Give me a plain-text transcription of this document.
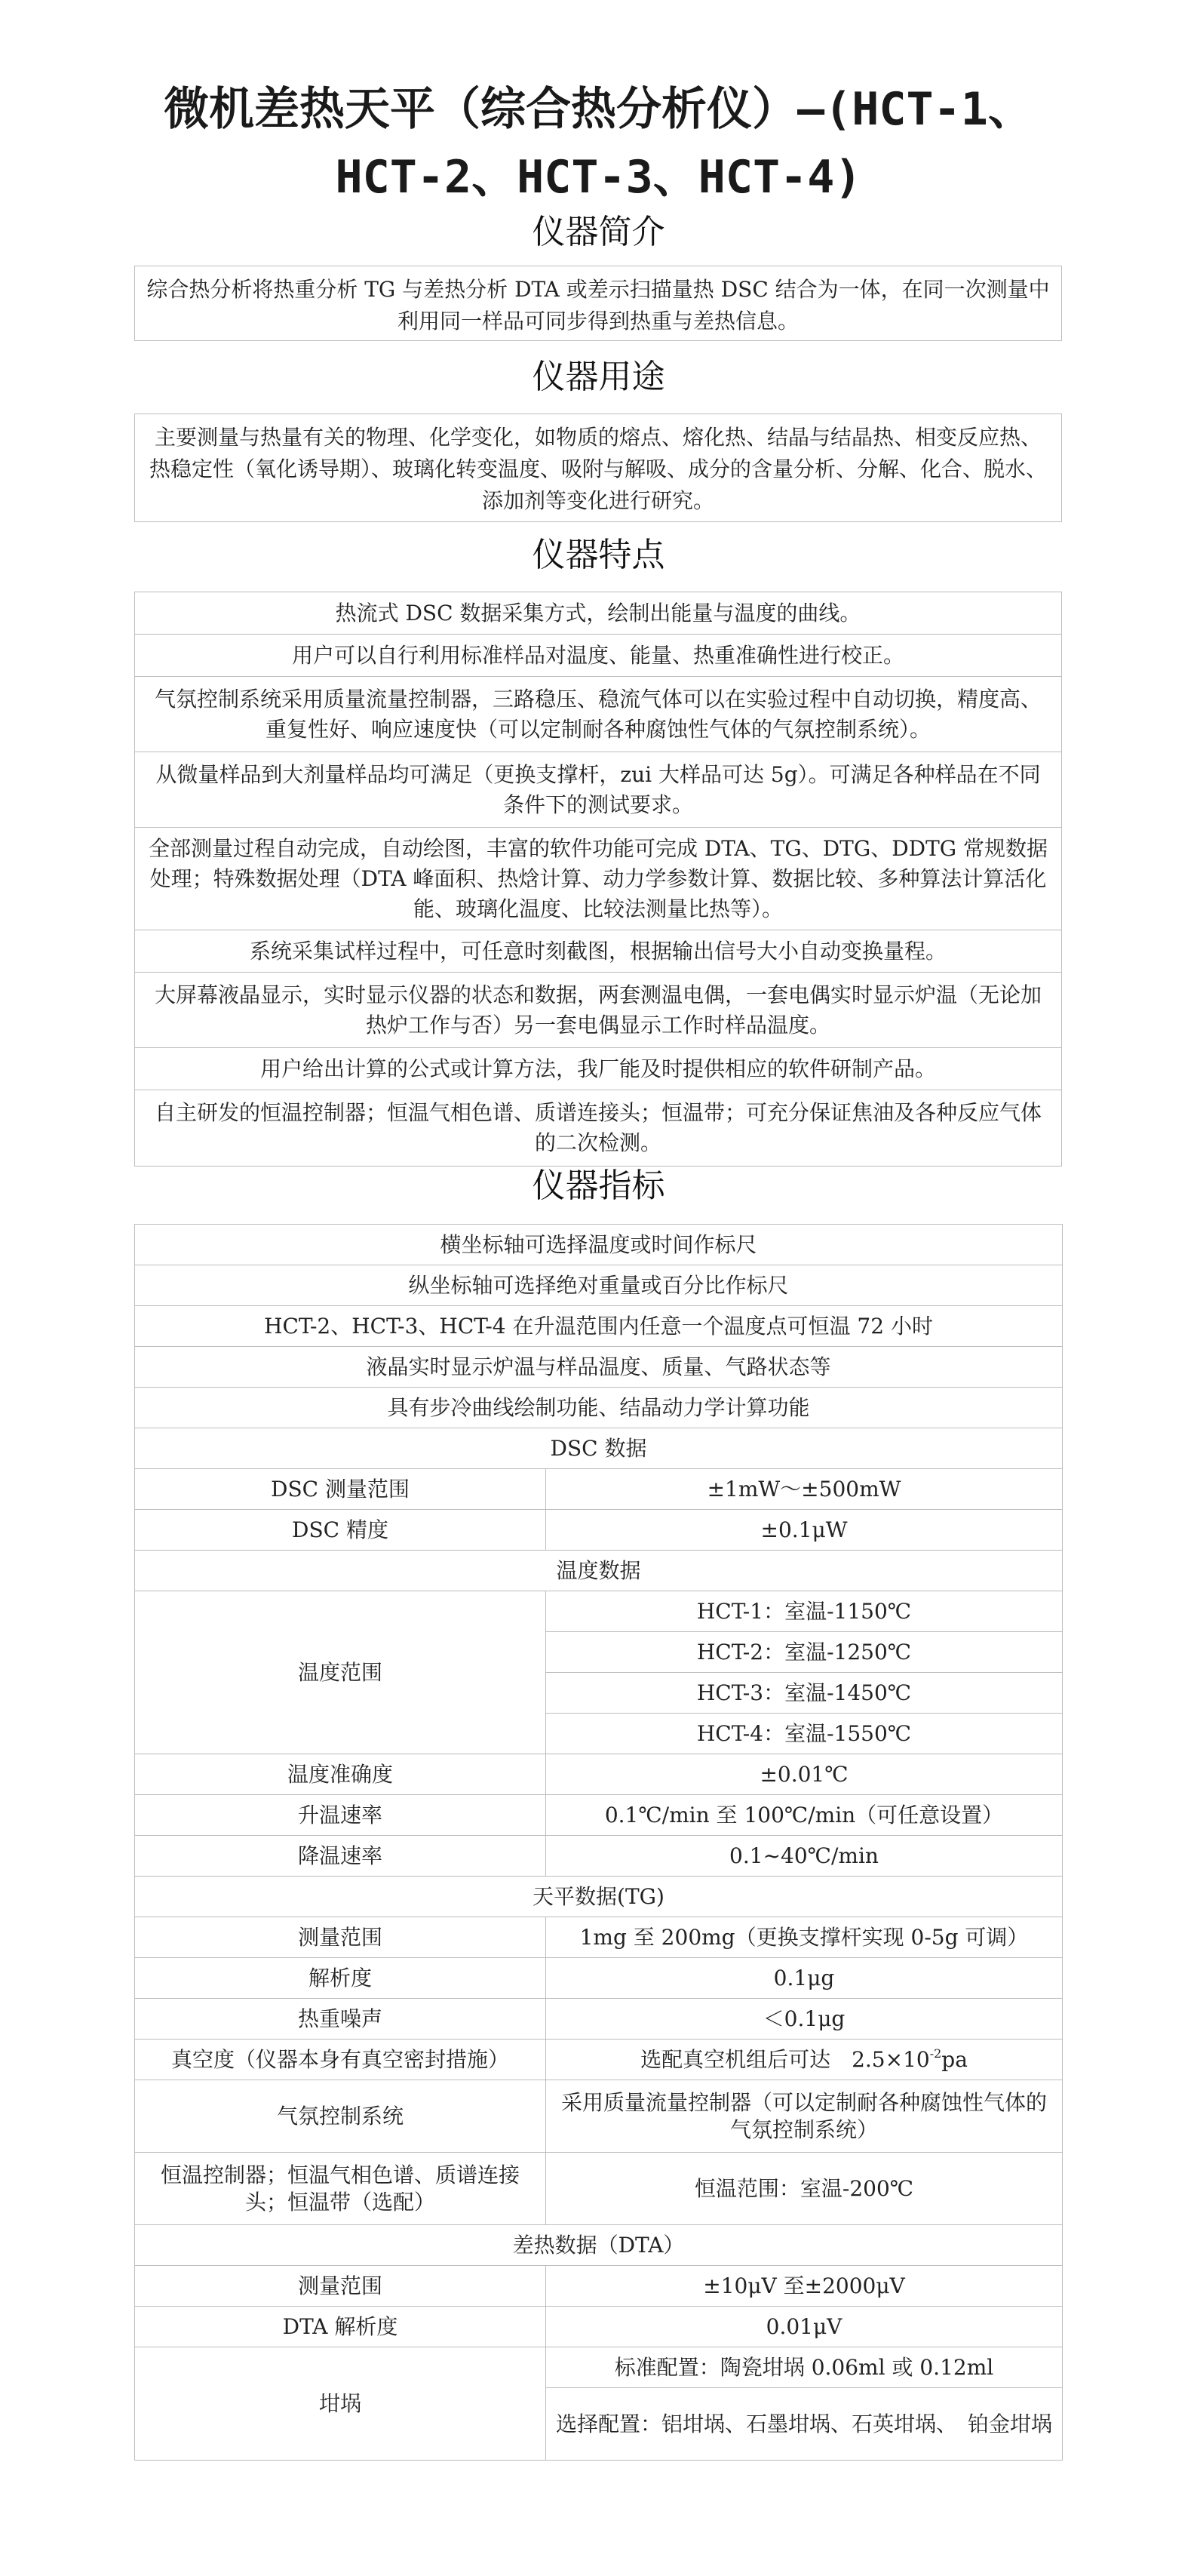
微机差热天平（综合热分析仪）—(HCT-1、
HCT-2、HCT-3、HCT-4)
仪器简介
综合热分析将热重分析 TG 与差热分析 DTA 或差示扫描量热 DSC 结合为一体，在同一次测量中利用同一样品可同步得到热重与差热信息。
仪器用途
主要测量与热量有关的物理、化学变化，如物质的熔点、熔化热、结晶与结晶热、相变反应热、热稳定性（氧化诱导期）、玻璃化转变温度、吸附与解吸、成分的含量分析、分解、化合、脱水、添加剂等变化进行研究。
仪器特点
热流式 DSC 数据采集方式，绘制出能量与温度的曲线。
用户可以自行利用标准样品对温度、能量、热重准确性进行校正。
气氛控制系统采用质量流量控制器，三路稳压、稳流气体可以在实验过程中自动切换，精度高、重复性好、响应速度快（可以定制耐各种腐蚀性气体的气氛控制系统）。
从微量样品到大剂量样品均可满足（更换支撑杆，zui 大样品可达 5g）。可满足各种样品在不同条件下的测试要求。
全部测量过程自动完成，自动绘图，丰富的软件功能可完成 DTA、TG、DTG、DDTG 常规数据处理；特殊数据处理（DTA 峰面积、热焓计算、动力学参数计算、数据比较、多种算法计算活化能、玻璃化温度、比较法测量比热等）。
系统采集试样过程中，可任意时刻截图，根据输出信号大小自动变换量程。
大屏幕液晶显示，实时显示仪器的状态和数据，两套测温电偶，一套电偶实时显示炉温（无论加热炉工作与否）另一套电偶显示工作时样品温度。
用户给出计算的公式或计算方法，我厂能及时提供相应的软件研制产品。
自主研发的恒温控制器；恒温气相色谱、质谱连接头；恒温带；可充分保证焦油及各种反应气体的二次检测。
仪器指标
横坐标轴可选择温度或时间作标尺	
纵坐标轴可选择绝对重量或百分比作标尺	
HCT-2、HCT-3、HCT-4 在升温范围内任意一个温度点可恒温 72 小时	
液晶实时显示炉温与样品温度、质量、气路状态等	
具有步冷曲线绘制功能、结晶动力学计算功能	
DSC 数据	
DSC 测量范围	±1mW～±500mW
DSC 精度	±0.1μW
温度数据	
温度范围	HCT-1：室温-1150℃
	HCT-2：室温-1250℃
	HCT-3：室温-1450℃
	HCT-4：室温-1550℃
温度准确度	±0.01℃
升温速率	0.1℃/min 至 100℃/min（可任意设置）
降温速率	0.1~40℃/min
天平数据(TG)	
测量范围	1mg 至 200mg（更换支撑杆实现 0-5g 可调）
解析度	0.1μg
热重噪声	＜0.1μg
真空度（仪器本身有真空密封措施）	选配真空机组后可达　$2.5\times 10^{-2}pa$
气氛控制系统	采用质量流量控制器（可以定制耐各种腐蚀性气体的气氛控制系统）
恒温控制器；恒温气相色谱、质谱连接头；恒温带（选配）	恒温范围：室温-200℃
差热数据（DTA）	
测量范围	±10μV 至±2000μV
DTA 解析度	0.01μV
坩埚	标准配置：陶瓷坩埚 0.06ml 或 0.12ml
	选择配置：铝坩埚、石墨坩埚、石英坩埚、　铂金坩埚
